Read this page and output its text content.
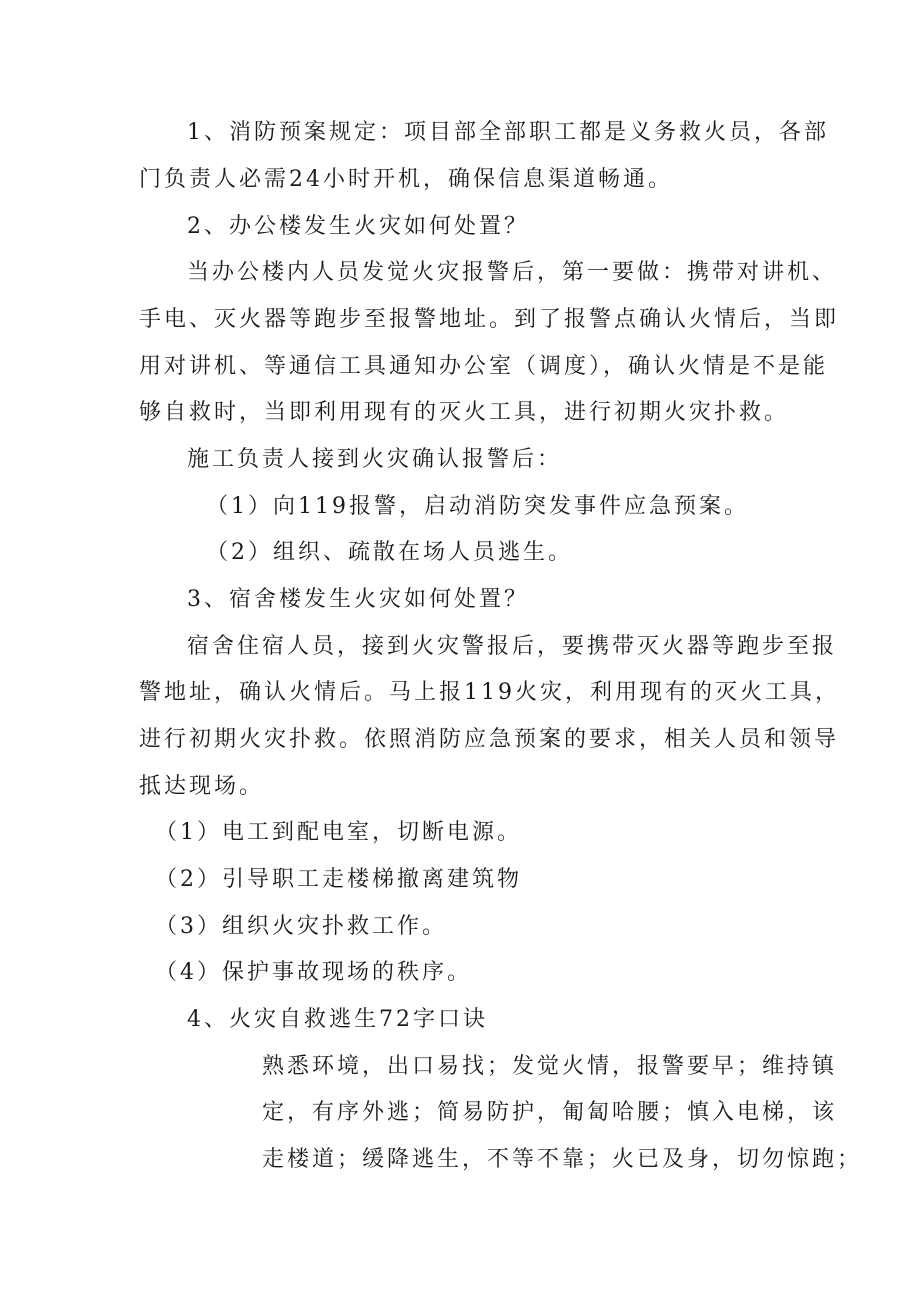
1、消防预案规定：项目部全部职工都是义务救火员，各部
门负责人必需24小时开机，确保信息渠道畅通。
2、办公楼发生火灾如何处置？
当办公楼内人员发觉火灾报警后，第一要做：携带对讲机、
手电、灭火器等跑步至报警地址。到了报警点确认火情后，当即
用对讲机、等通信工具通知办公室（调度），确认火情是不是能
够自救时，当即利用现有的灭火工具，进行初期火灾扑救。
施工负责人接到火灾确认报警后：
（1）向119报警，启动消防突发事件应急预案。
（2）组织、疏散在场人员逃生。
3、宿舍楼发生火灾如何处置？
宿舍住宿人员，接到火灾警报后，要携带灭火器等跑步至报
警地址，确认火情后。马上报119火灾，利用现有的灭火工具，
进行初期火灾扑救。依照消防应急预案的要求，相关人员和领导
抵达现场。
（1）电工到配电室，切断电源。
（2）引导职工走楼梯撤离建筑物
（3）组织火灾扑救工作。
（4）保护事故现场的秩序。
4、火灾自救逃生72字口诀
熟悉环境，出口易找；发觉火情，报警要早；维持镇
定，有序外逃；简易防护，匍匐哈腰；慎入电梯，该
走楼道；缓降逃生，不等不靠；火已及身，切勿惊跑；
